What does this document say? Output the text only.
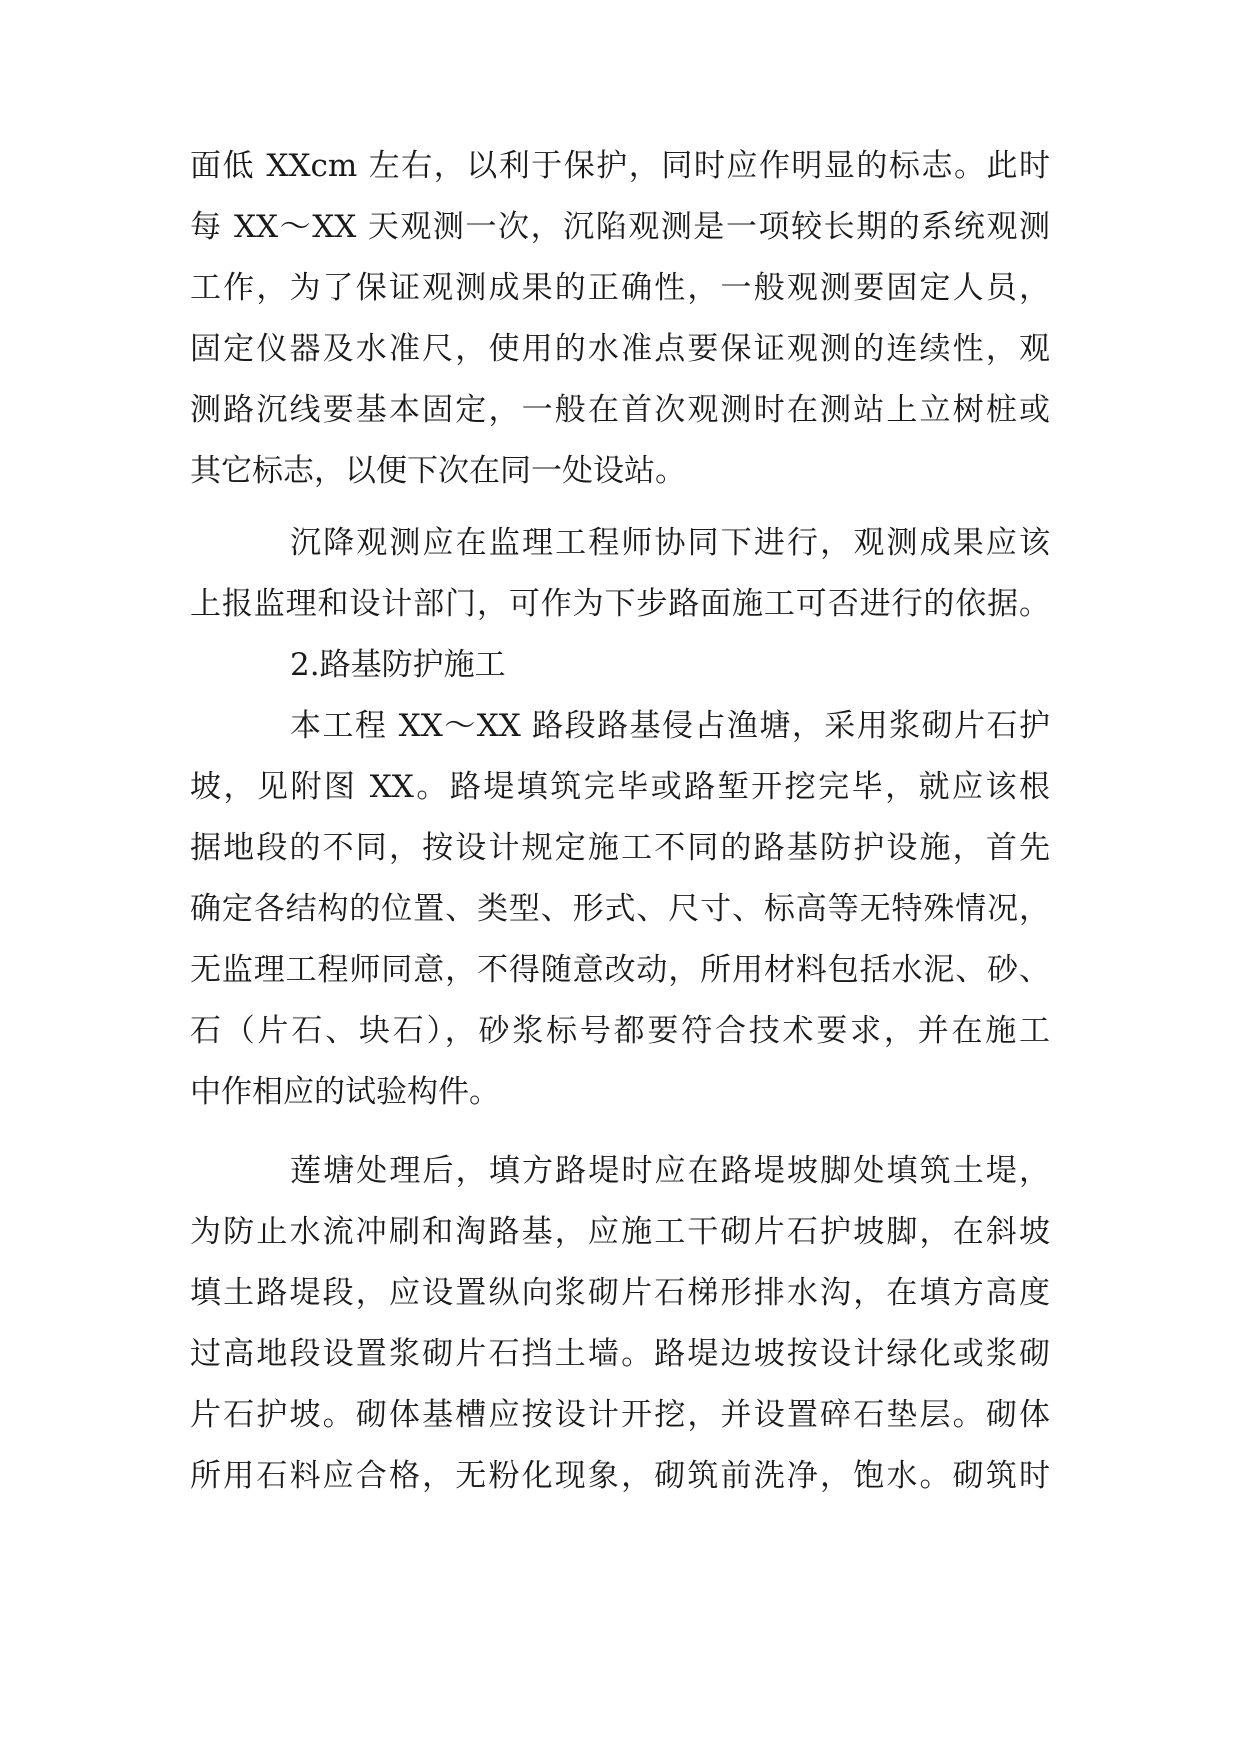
面低 XXcm 左右，以利于保护，同时应作明显的标志。此时
每 XX～XX 天观测一次，沉陷观测是一项较长期的系统观测
工作，为了保证观测成果的正确性，一般观测要固定人员，
固定仪器及水准尺，使用的水准点要保证观测的连续性，观
测路沉线要基本固定，一般在首次观测时在测站上立树桩或
其它标志，以便下次在同一处设站。
沉降观测应在监理工程师协同下进行，观测成果应该
上报监理和设计部门，可作为下步路面施工可否进行的依据。
2.路基防护施工
本工程 XX～XX 路段路基侵占渔塘，采用浆砌片石护
坡，见附图 XX。路堤填筑完毕或路堑开挖完毕，就应该根
据地段的不同，按设计规定施工不同的路基防护设施，首先
确定各结构的位置、类型、形式、尺寸、标高等无特殊情况，
无监理工程师同意，不得随意改动，所用材料包括水泥、砂、
石（片石、块石），砂浆标号都要符合技术要求，并在施工
中作相应的试验构件。
莲塘处理后，填方路堤时应在路堤坡脚处填筑土堤，
为防止水流冲刷和淘路基，应施工干砌片石护坡脚，在斜坡
填土路堤段，应设置纵向浆砌片石梯形排水沟，在填方高度
过高地段设置浆砌片石挡土墙。路堤边坡按设计绿化或浆砌
片石护坡。砌体基槽应按设计开挖，并设置碎石垫层。砌体
所用石料应合格，无粉化现象，砌筑前洗净，饱水。砌筑时
